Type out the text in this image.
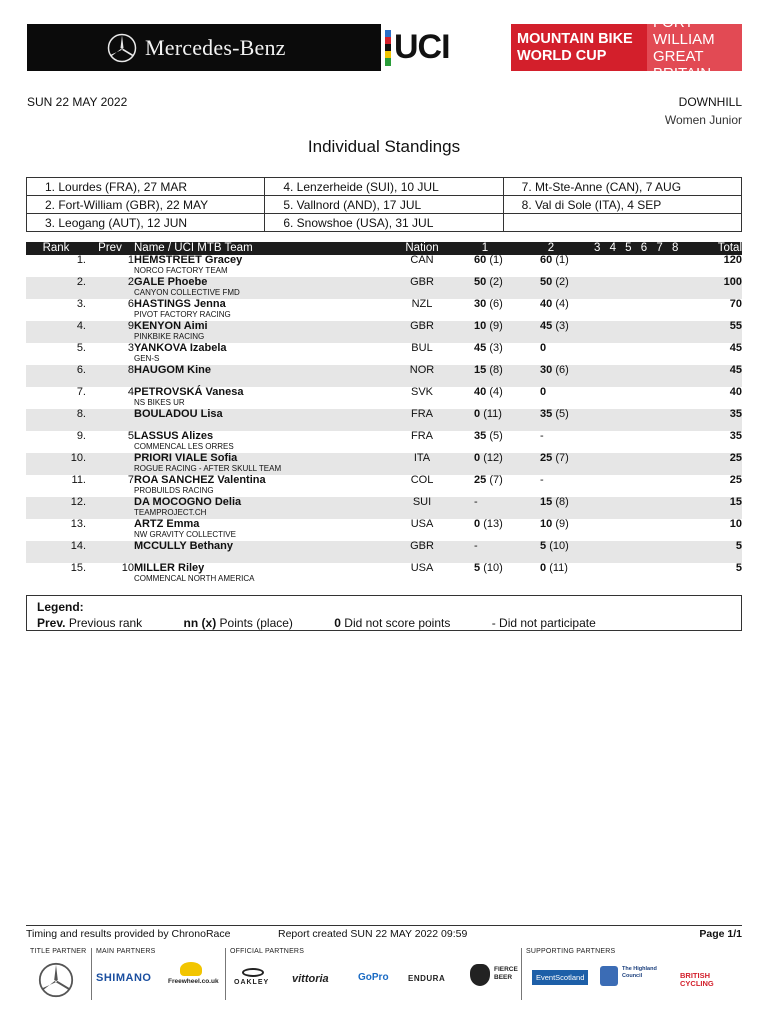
Mercedes-Benz	UCI	MOUNTAIN BIKE
WORLD CUP
FORT WILLIAM
GREAT BRITAIN
SUN 22 MAY 2022	DOWNHILL
Women Junior
Individual Standings
1. Lourdes (FRA), 27 MAR	4. Lenzerheide (SUI), 10 JUL	7. Mt-Ste-Anne (CAN), 7 AUG
2. Fort-William (GBR), 22 MAY	5. Vallnord (AND), 17 JUL	8. Val di Sole (ITA), 4 SEP
3. Leogang (AUT), 12 JUN	6. Snowshoe (USA), 31 JUL	
Rank	Prev	Name / UCI MTB Team	Nation	1	2	3 4 5 6 7 8	Total
1.	1	HEMSTREET Gracey
NORCO FACTORY TEAM	CAN	60 (1)	60 (1)		120
2.	2	GALE Phoebe
CANYON COLLECTIVE FMD	GBR	50 (2)	50 (2)		100
3.	6	HASTINGS Jenna
PIVOT FACTORY RACING	NZL	30 (6)	40 (4)		70
4.	9	KENYON Aimi
PINKBIKE RACING	GBR	10 (9)	45 (3)		55
5.	3	YANKOVA Izabela
GEN-S	BUL	45 (3)	0		45
6.	8	HAUGOM Kine	NOR	15 (8)	30 (6)		45
7.	4	PETROVSKÁ Vanesa
NS BIKES UR	SVK	40 (4)	0		40
8.		BOULADOU Lisa	FRA	0 (11)	35 (5)		35
9.	5	LASSUS Alizes
COMMENCAL LES ORRES	FRA	35 (5)	-		35
10.		PRIORI VIALE Sofia
ROGUE RACING - AFTER SKULL TEAM	ITA	0 (12)	25 (7)		25
11.	7	ROA SANCHEZ Valentina
PROBUILDS RACING	COL	25 (7)	-		25
12.		DA MOCOGNO Delia
TEAMPROJECT.CH	SUI	-	15 (8)		15
13.		ARTZ Emma
NW GRAVITY COLLECTIVE	USA	0 (13)	10 (9)		10
14.		MCCULLY Bethany	GBR	-	5 (10)		5
15.	10	MILLER Riley
COMMENCAL NORTH AMERICA	USA	5 (10)	0 (11)		5
Legend:
Prev. Previous rank	nn (x) Points (place)	0 Did not score points	- Did not participate
Timing and results provided by ChronoRace	Report created SUN 22 MAY 2022 09:59	Page 1/1
TITLE PARTNER MAIN PARTNERS
SHIMANO	Freewheel.co.uk
OFFICIAL PARTNERS
OAKLEY vittoria	GoPro ENDURA
FIERCE BEER
SUPPORTING PARTNERS
EventScotland
The Highland Council	BRITISH CYCLING
